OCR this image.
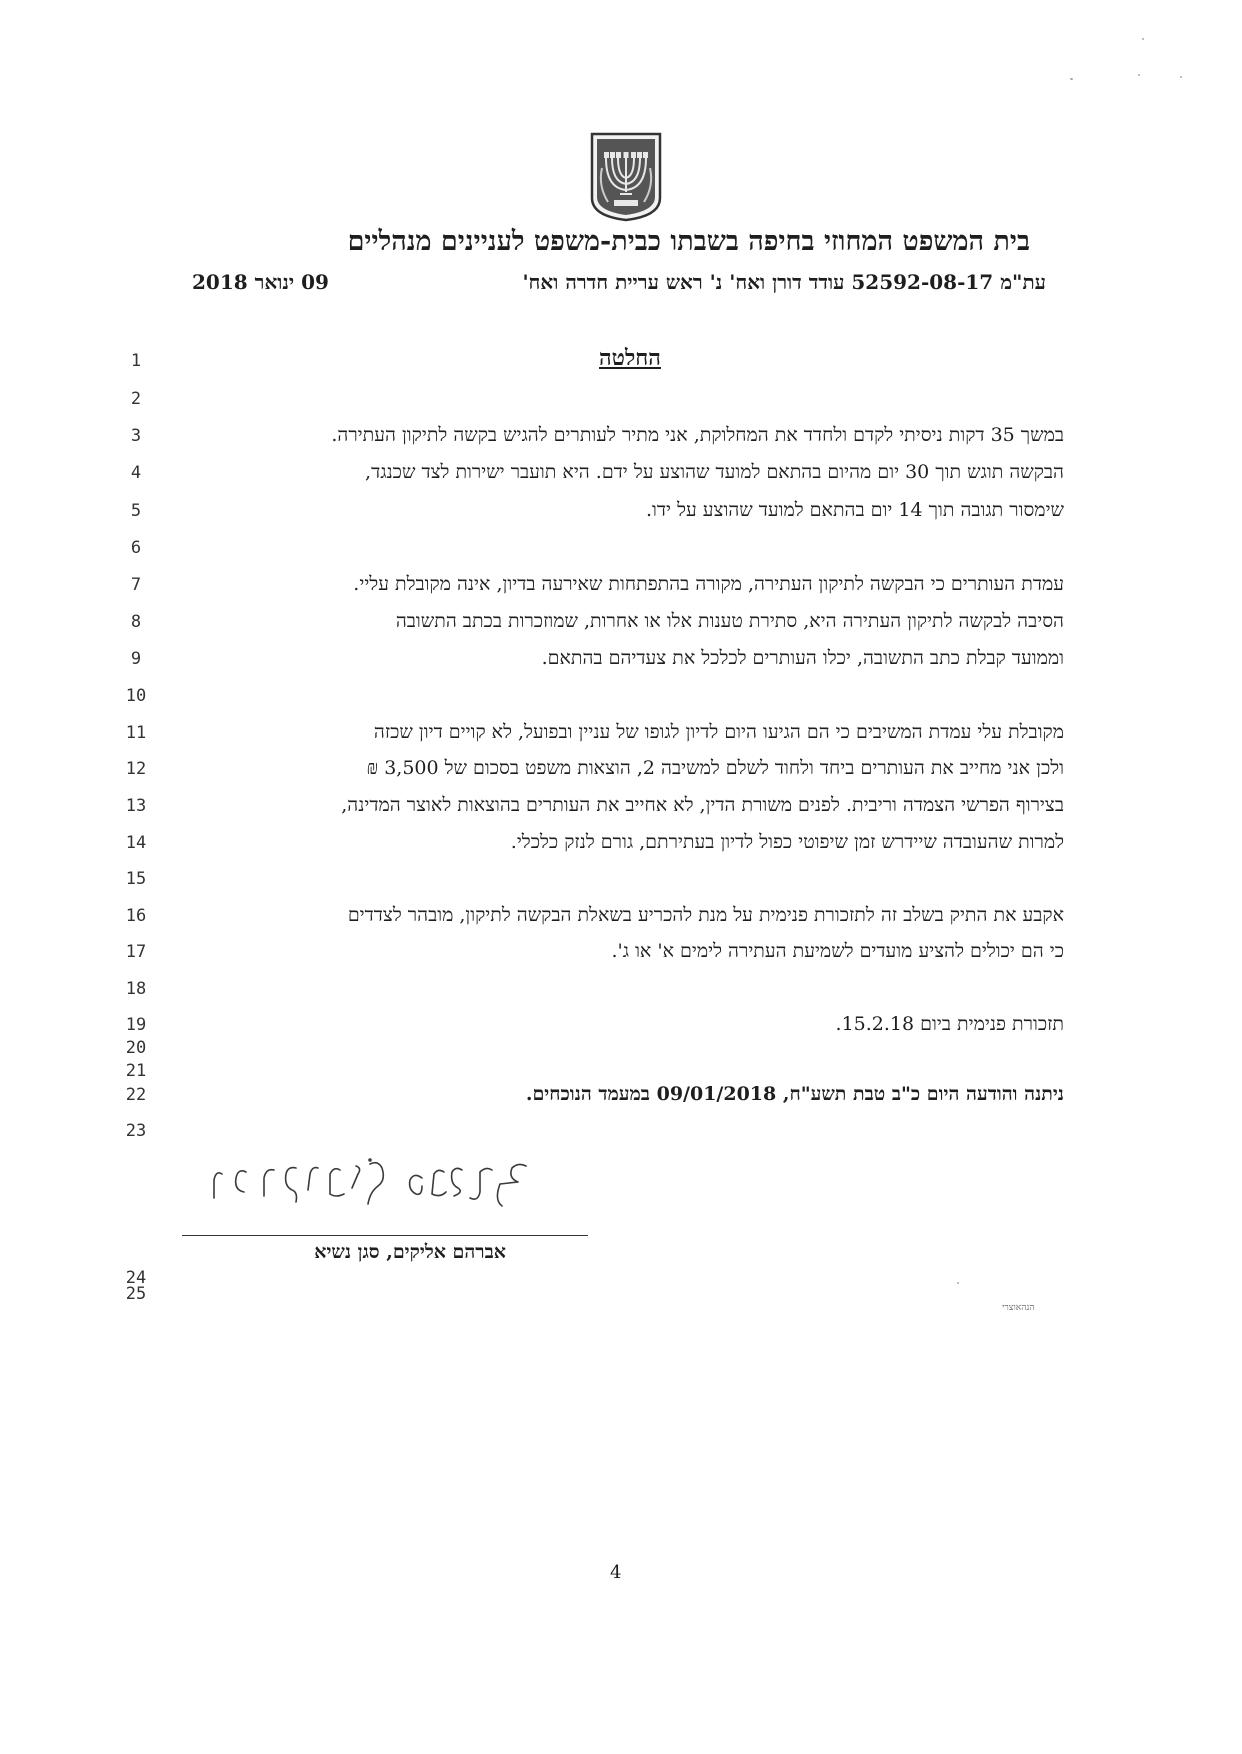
בית המשפט המחוזי בחיפה בשבתו כבית-משפט לעניינים מנהליים
עת"מ 52592-08-17 עודד דורן ואח' נ' ראש עריית חדרה ואח'
09 ינואר 2018
החלטה
1
2
3
4
5
6
7
8
9
10
11
12
13
14
15
16
17
18
19
20
21
22
23
24
25
במשך 35 דקות ניסיתי לקדם ולחדד את המחלוקת, אני מתיר לעותרים להגיש בקשה לתיקון העתירה.
הבקשה תוגש תוך 30 יום מהיום בהתאם למועד שהוצע על ידם. היא תועבר ישירות לצד שכנגד,
שימסור תגובה תוך 14 יום בהתאם למועד שהוצע על ידו.
עמדת העותרים כי הבקשה לתיקון העתירה, מקורה בהתפתחות שאירעה בדיון, אינה מקובלת עליי.
הסיבה לבקשה לתיקון העתירה היא, סתירת טענות אלו או אחרות, שמוזכרות בכתב התשובה
וממועד קבלת כתב התשובה, יכלו העותרים לכלכל את צעדיהם בהתאם.
מקובלת עלי עמדת המשיבים כי הם הגיעו היום לדיון לגופו של עניין ובפועל, לא קויים דיון שכזה
ולכן אני מחייב את העותרים ביחד ולחוד לשלם למשיבה 2, הוצאות משפט בסכום של 3,500 ₪
בצירוף הפרשי הצמדה וריבית. לפנים משורת הדין, לא אחייב את העותרים בהוצאות לאוצר המדינה,
למרות שהעובדה שיידרש זמן שיפוטי כפול לדיון בעתירתם, גורם לנזק כלכלי.
אקבע את התיק בשלב זה לתזכורת פנימית על מנת להכריע בשאלת הבקשה לתיקון, מובהר לצדדים
כי הם יכולים להציע מועדים לשמיעת העתירה לימים א' או ג'.
תזכורת פנימית ביום 15.2.18.
ניתנה והודעה היום כ"ב טבת תשע"ח, 09/01/2018 במעמד הנוכחים.
אברהם אליקים, סגן נשיא
הנהאוצרי
4
